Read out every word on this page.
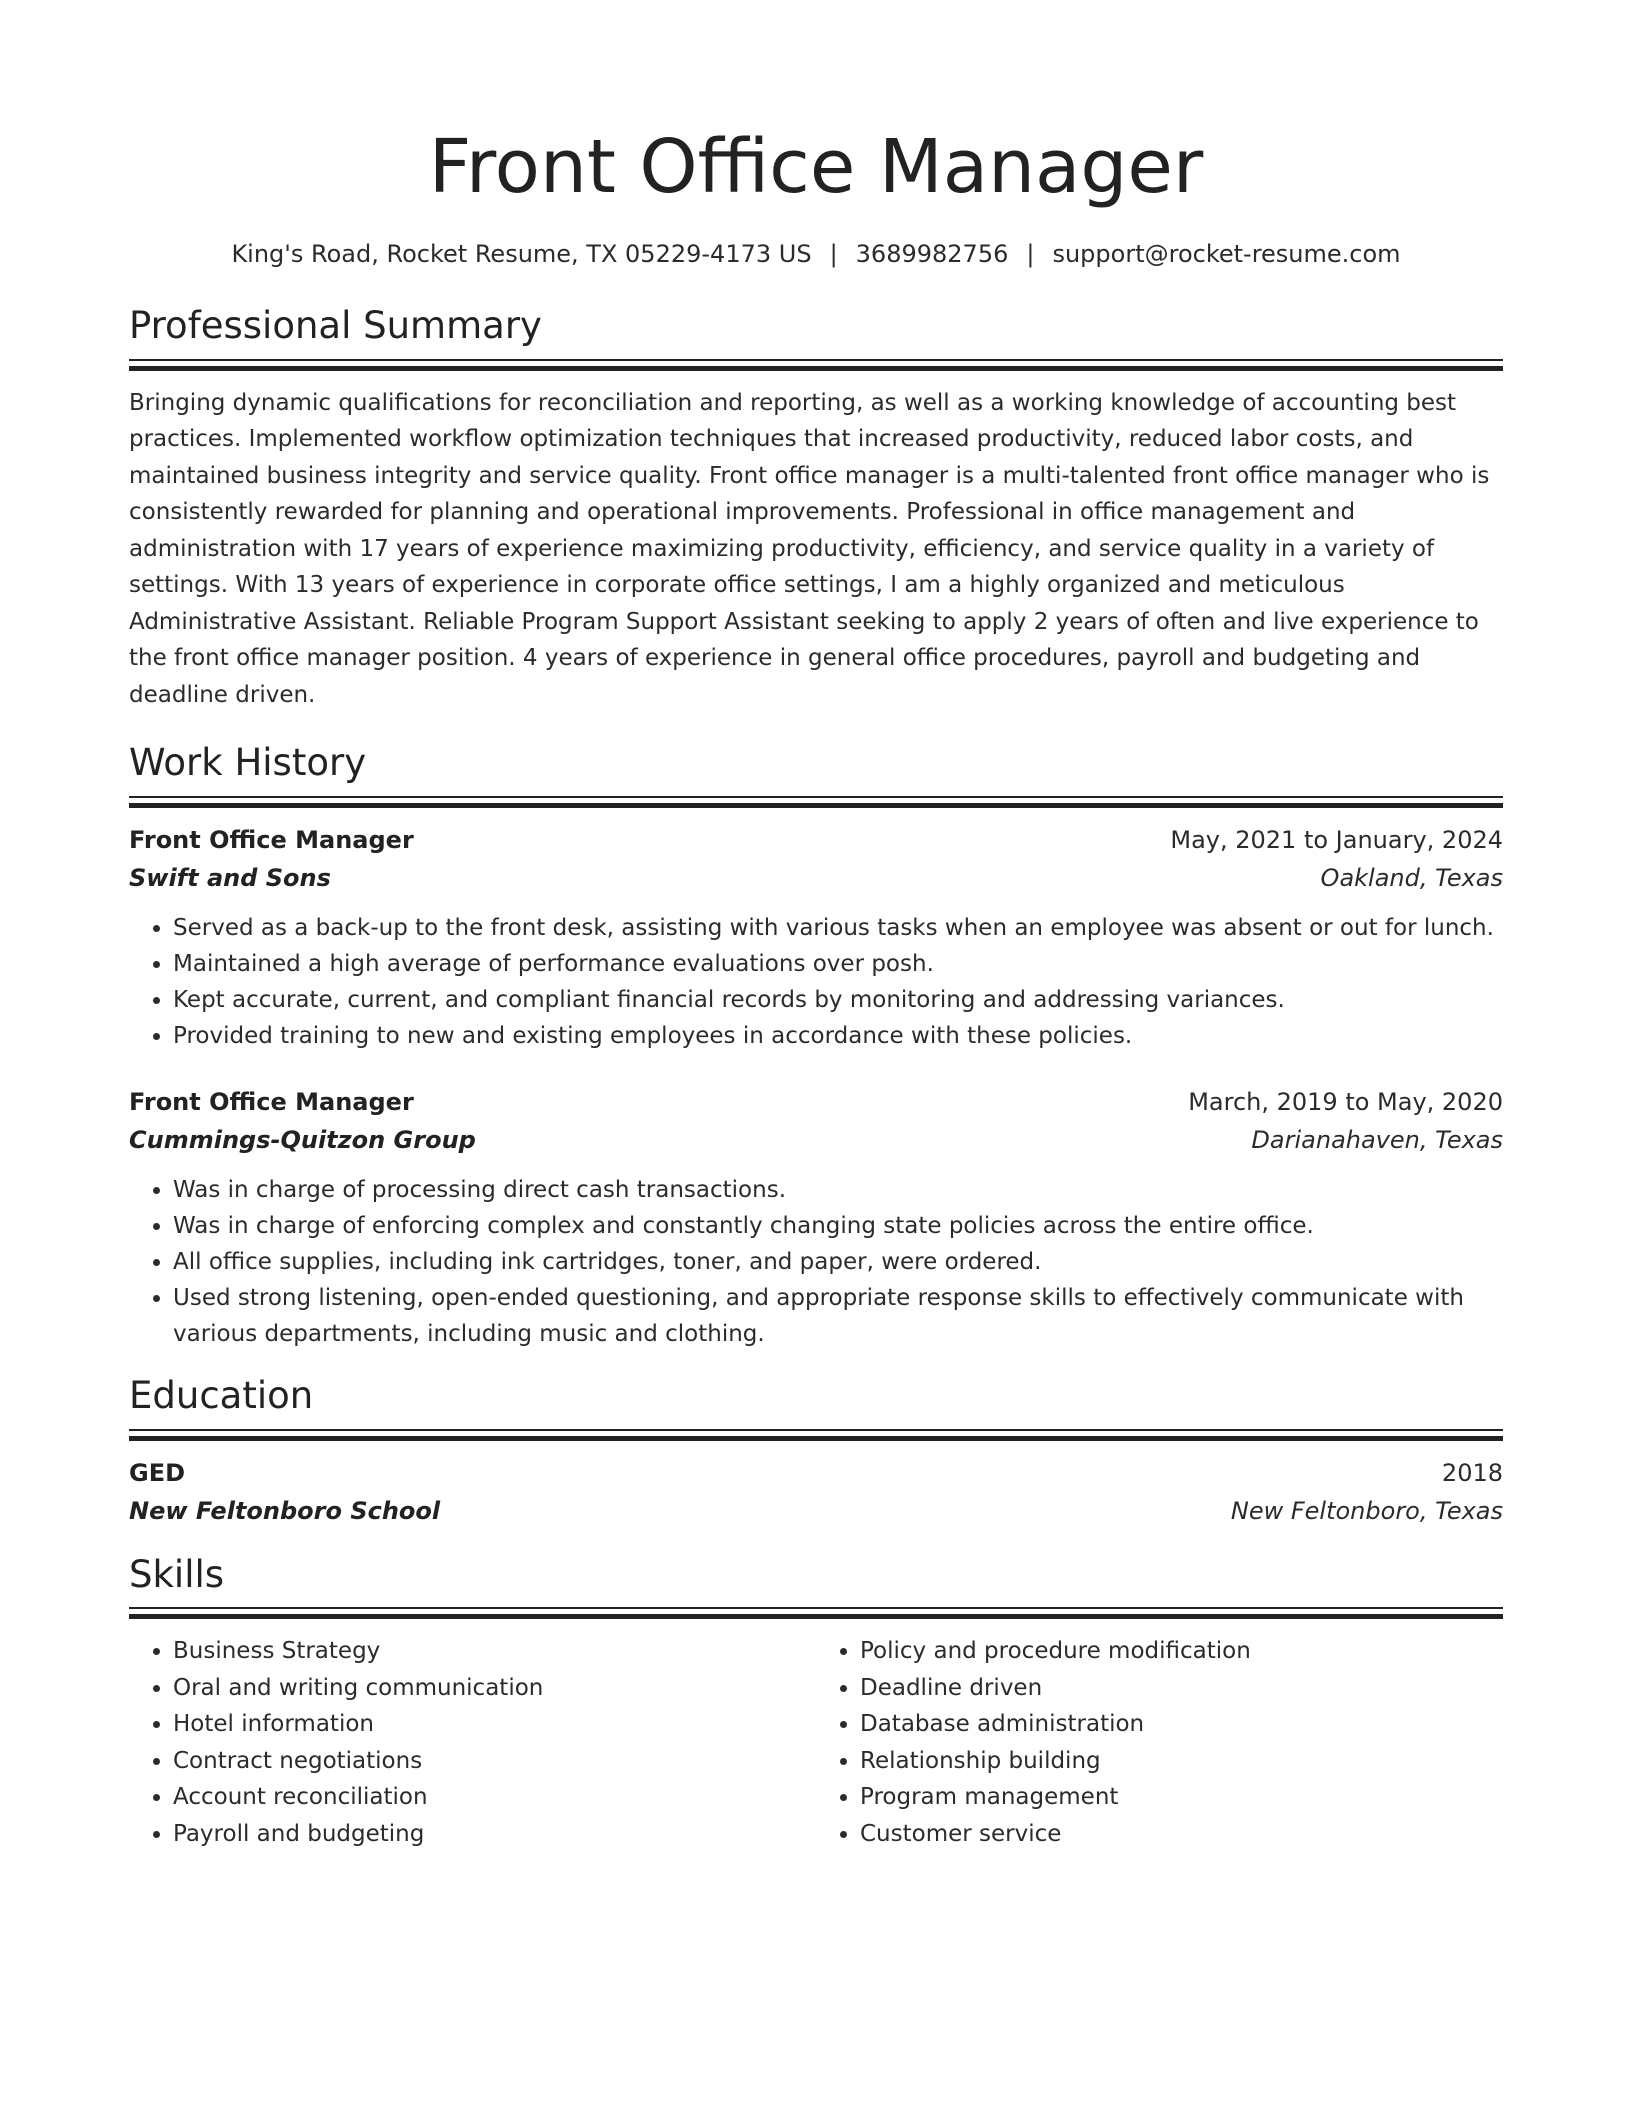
Front Office Manager
King's Road, Rocket Resume, TX 05229-4173 US | 3689982756 | support@rocket-resume.com
Professional Summary

Bringing dynamic qualifications for reconciliation and reporting, as well as a working knowledge of accounting best practices. Implemented workflow optimization techniques that increased productivity, reduced labor costs, and maintained business integrity and service quality. Front office manager is a multi-talented front office manager who is consistently rewarded for planning and operational improvements. Professional in office management and administration with 17 years of experience maximizing productivity, efficiency, and service quality in a variety of settings. With 13 years of experience in corporate office settings, I am a highly organized and meticulous Administrative Assistant. Reliable Program Support Assistant seeking to apply 2 years of often and live experience to the front office manager position. 4 years of experience in general office procedures, payroll and budgeting and deadline driven.

Work History
Front Office Manager	May, 2021 to January, 2024
Swift and Sons	Oakland, Texas
• Served as a back-up to the front desk, assisting with various tasks when an employee was absent or out for lunch.
• Maintained a high average of performance evaluations over posh.
• Kept accurate, current, and compliant financial records by monitoring and addressing variances.
• Provided training to new and existing employees in accordance with these policies.
Front Office Manager	March, 2019 to May, 2020
Cummings-Quitzon Group	Darianahaven, Texas
• Was in charge of processing direct cash transactions.
• Was in charge of enforcing complex and constantly changing state policies across the entire office.
• All office supplies, including ink cartridges, toner, and paper, were ordered.
• Used strong listening, open-ended questioning, and appropriate response skills to effectively communicate with various departments, including music and clothing.
Education
GED	2018
New Feltonboro School	New Feltonboro, Texas
Skills
• Business Strategy
• Oral and writing communication
• Hotel information
• Contract negotiations
• Account reconciliation
• Payroll and budgeting
• Policy and procedure modification
• Deadline driven
• Database administration
• Relationship building
• Program management
• Customer service
